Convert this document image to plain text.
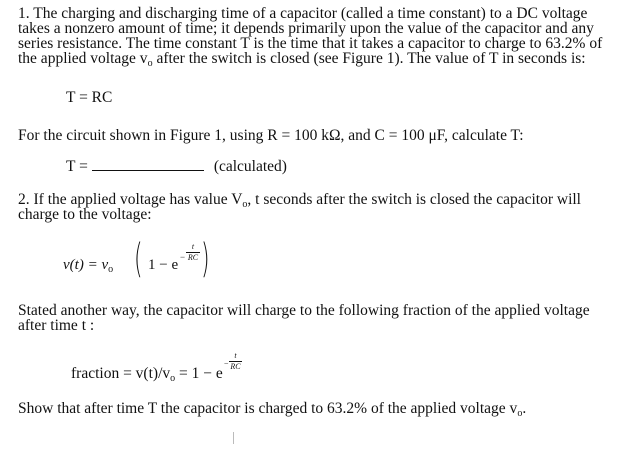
1. The charging and discharging time of a capacitor (called a time constant) to a DC voltage
takes a nonzero amount of time; it depends primarily upon the value of the capacitor and any
series resistance. The time constant T is the time that it takes a capacitor to charge to 63.2% of
the applied voltage vo after the switch is closed (see Figure 1). The value of T in seconds is:
T = RC
For the circuit shown in Figure 1, using R = 100 kΩ, and C = 100 μF, calculate T:
T =	(calculated)
2. If the applied voltage has value Vo, t seconds after the switch is closed the capacitor will
charge to the voltage:
$v(t) = v_o$ ( 1 − e −
t
RC )
Stated another way, the capacitor will charge to the following fraction of the applied voltage
after time t :
fraction = v(t)/vo = 1 − e
−
t
RC
Show that after time T the capacitor is charged to 63.2% of the applied voltage vo.
